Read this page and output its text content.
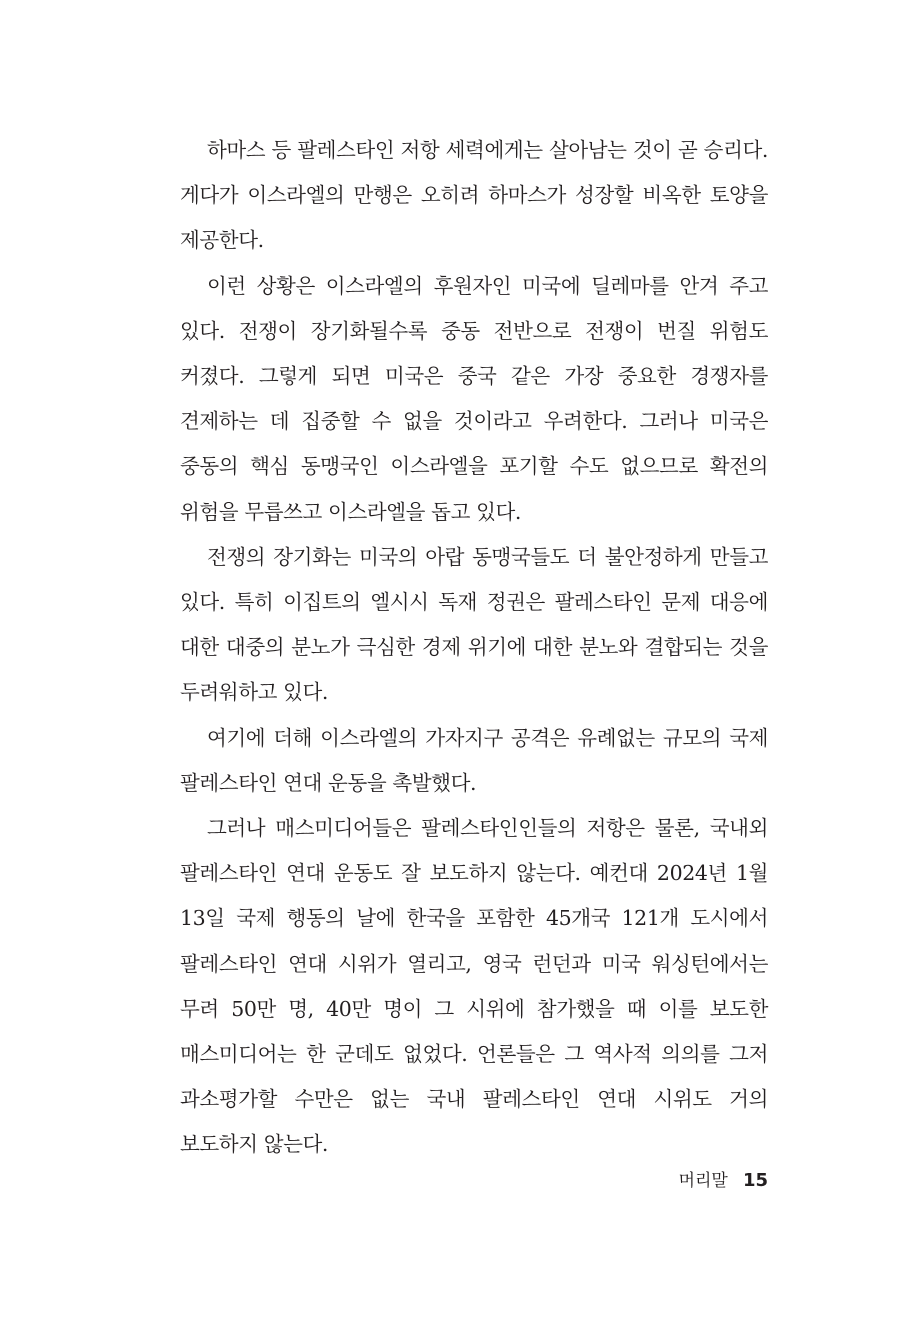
하마스 등 팔레스타인 저항 세력에게는 살아남는 것이 곧 승리다. 게다가 이스라엘의 만행은 오히려 하마스가 성장할 비옥한 토양을 제공한다.

이런 상황은 이스라엘의 후원자인 미국에 딜레마를 안겨 주고 있다. 전쟁이 장기화될수록 중동 전반으로 전쟁이 번질 위험도 커졌다. 그렇게 되면 미국은 중국 같은 가장 중요한 경쟁자를 견제하는 데 집중할 수 없을 것이라고 우려한다. 그러나 미국은 중동의 핵심 동맹국인 이스라엘을 포기할 수도 없으므로 확전의 위험을 무릅쓰고 이스라엘을 돕고 있다.

전쟁의 장기화는 미국의 아랍 동맹국들도 더 불안정하게 만들고 있다. 특히 이집트의 엘시시 독재 정권은 팔레스타인 문제 대응에 대한 대중의 분노가 극심한 경제 위기에 대한 분노와 결합되는 것을 두려워하고 있다.

여기에 더해 이스라엘의 가자지구 공격은 유례없는 규모의 국제 팔레스타인 연대 운동을 촉발했다.

그러나 매스미디어들은 팔레스타인인들의 저항은 물론, 국내외 팔레스타인 연대 운동도 잘 보도하지 않는다. 예컨대 2024년 1월 13일 국제 행동의 날에 한국을 포함한 45개국 121개 도시에서 팔레스타인 연대 시위가 열리고, 영국 런던과 미국 워싱턴에서는 무려 50만 명, 40만 명이 그 시위에 참가했을 때 이를 보도한 매스미디어는 한 군데도 없었다. 언론들은 그 역사적 의의를 그저 과소평가할 수만은 없는 국내 팔레스타인 연대 시위도 거의 보도하지 않는다.

머리말 15
